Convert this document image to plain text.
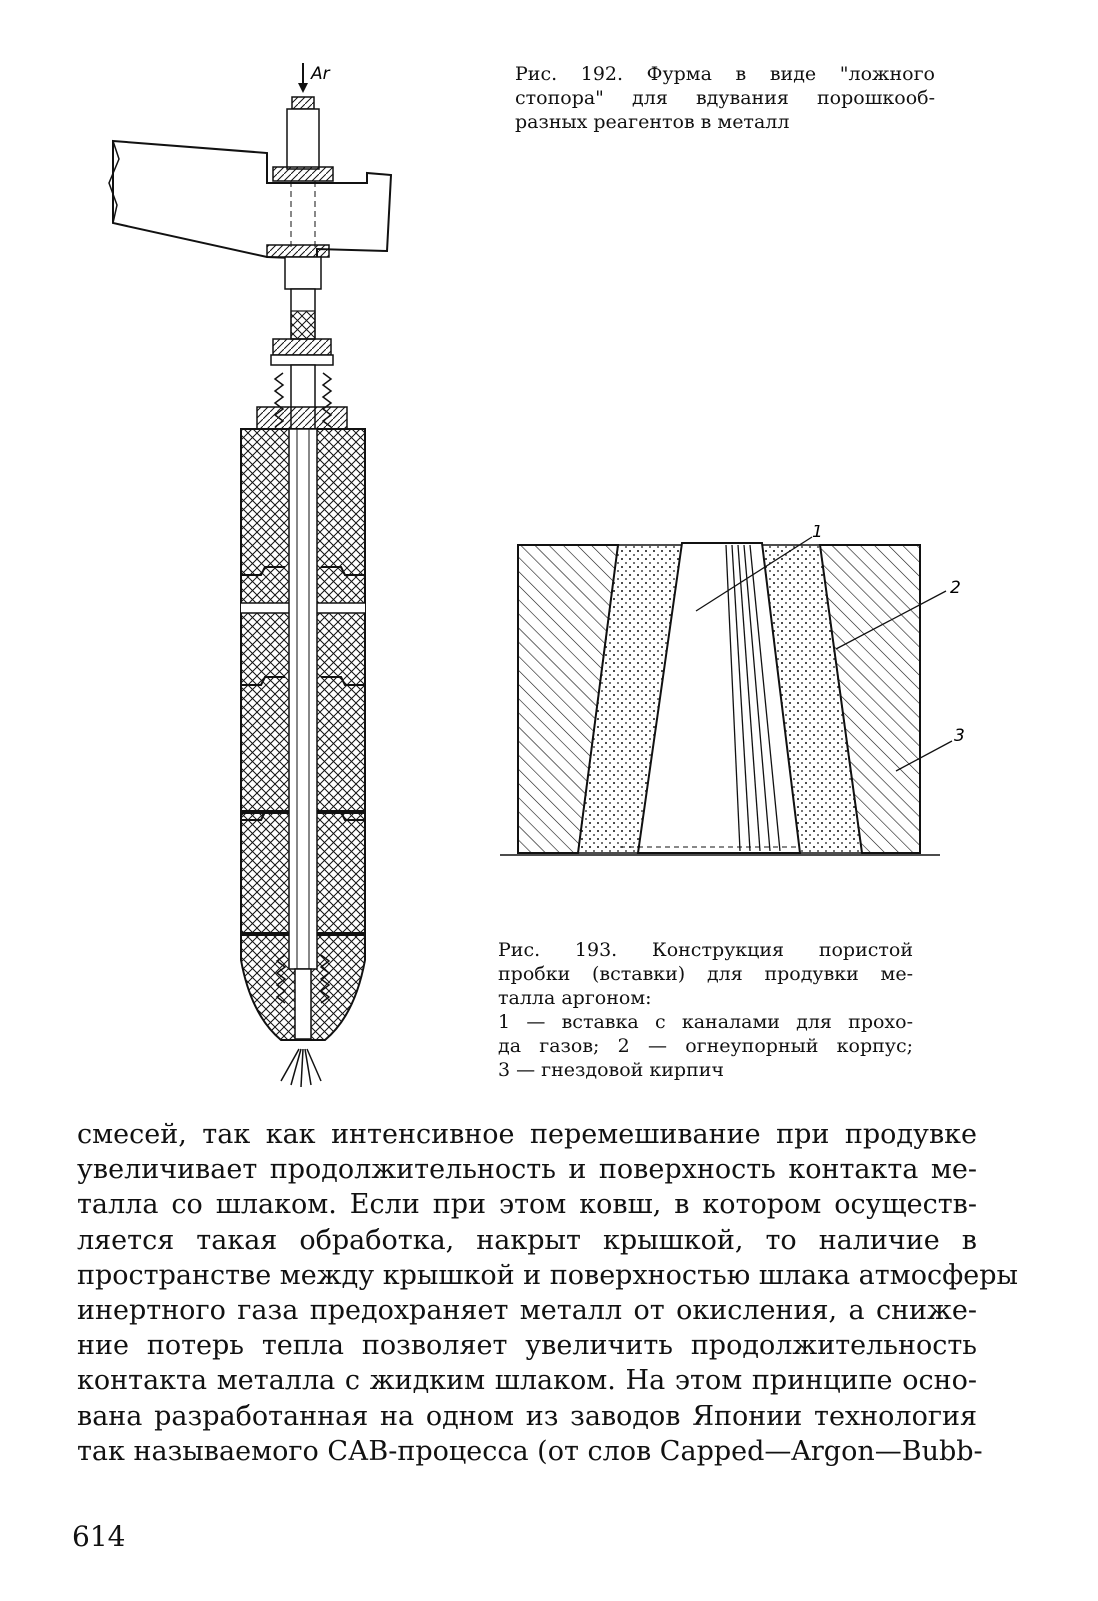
Ar	Рис. 192. Фурма в виде "ложного
стопора" для вдувания порошкооб-
разных реагентов в металл
1
2
3
Рис. 193. Конструкция пористой
пробки (вставки) для продувки ме-
талла аргоном:
1 — вставка с каналами для прохо-
да газов; 2 — огнеупорный корпус;
3 — гнездовой кирпич
смесей, так как интенсивное перемешивание при продувке
увеличивает продолжительность и поверхность контакта ме-
талла со шлаком. Если при этом ковш, в котором осуществ-
ляется такая обработка, накрыт крышкой, то наличие в
пространстве между крышкой и поверхностью шлака атмосферы
инертного газа предохраняет металл от окисления, а сниже-
ние потерь тепла позволяет увеличить продолжительность
контакта металла с жидким шлаком. На этом принципе осно-
вана разработанная на одном из заводов Японии технология
так называемого САВ-процесса (от слов Capped—Argon—Bubb-
614
